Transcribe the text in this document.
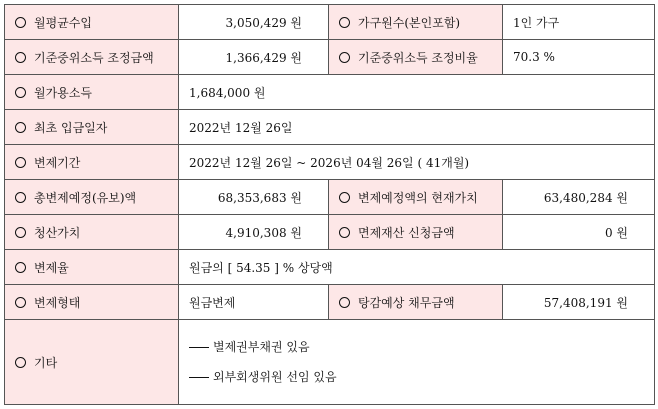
월평균수입	3,050,429 원	가구원수(본인포함)	1인 가구
기준중위소득 조정금액	1,366,429 원	기준중위소득 조정비율	70.3 %
월가용소득	1,684,000 원		
최초 입금일자	2022년 12월 26일		
변제기간	2022년 12월 26일 ~ 2026년 04월 26일 ( 41개월)		
총변제예정(유보)액	68,353,683 원	변제예정액의 현재가치	63,480,284 원
청산가치	4,910,308 원	면제재산 신청금액	0 원
변제율	원금의 [ 54.35 ] % 상당액		
변제형태	원금변제	탕감예상 채무금액	57,408,191 원
기타	별제권부채권 있음
외부회생위원 선임 있음		
